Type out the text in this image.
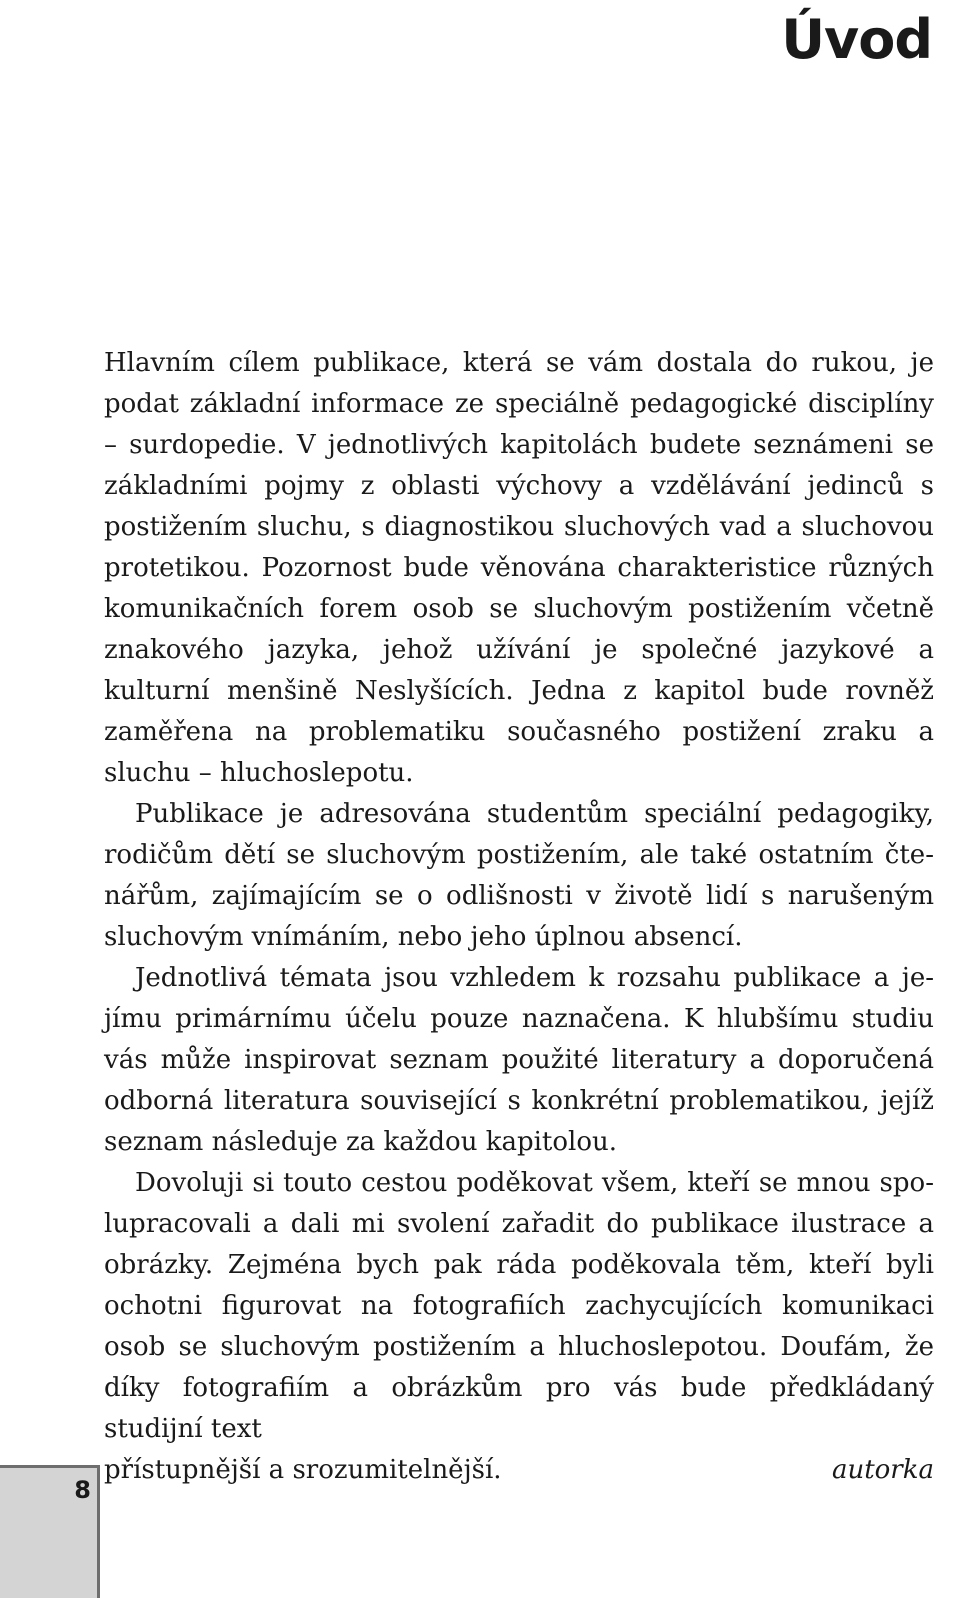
Úvod

Hlavním cílem publikace, která se vám dostala do rukou, je podat základní informace ze speciálně pedagogické disciplíny – surdopedie. V jednotlivých kapitolách budete seznámeni se základními pojmy z oblasti výchovy a vzdělávání jedinců s postižením sluchu, s diagnostikou sluchových vad a sluchovou protetikou. Pozornost bude věnována charakteristice různých komunikačních forem osob se sluchovým postižením včetně znakového jazyka, jehož užívání je společné jazykové a kulturní menšině Neslyšících. Jedna z kapitol bude rovněž zaměřena na problematiku současného postižení zraku a sluchu – hluchoslepotu.

Publikace je adresována studentům speciální pedagogiky, rodičům dětí se sluchovým postižením, ale také ostatním čtenářům, zajímajícím se o odlišnosti v životě lidí s narušeným sluchovým vnímáním, nebo jeho úplnou absencí.

Jednotlivá témata jsou vzhledem k rozsahu publikace a jejímu primárnímu účelu pouze naznačena. K hlubšímu studiu vás může inspirovat seznam použité literatury a doporučená odborná literatura související s konkrétní problematikou, jejíž seznam následuje za každou kapitolou.

Dovoluji si touto cestou poděkovat všem, kteří se mnou spolupracovali a dali mi svolení zařadit do publikace ilustrace a obrázky. Zejména bych pak ráda poděkovala těm, kteří byli ochotni figurovat na fotografiích zachycujících komunikaci osob se sluchovým postižením a hluchoslepotou. Doufám, že díky fotografiím a obrázkům pro vás bude předkládaný studijní text

přístupnější a srozumitelnější.	autorka
8
